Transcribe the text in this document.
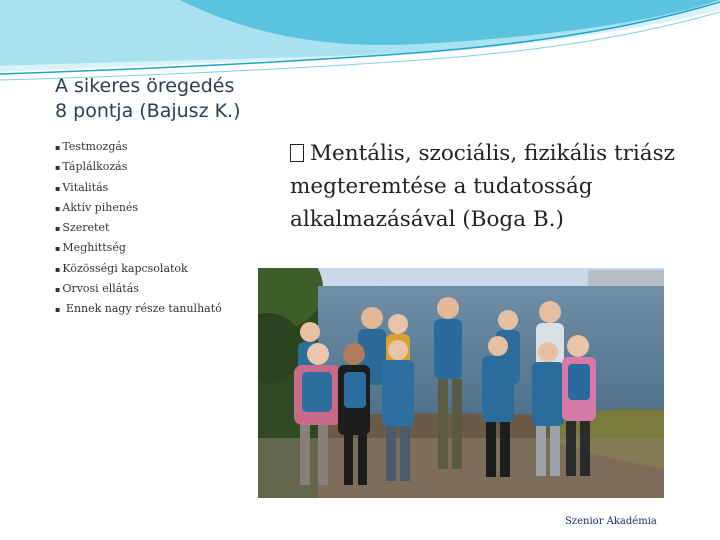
A sikeres öregedés
8 pontja (Bajusz K.)
▪ Testmozgás
▪ Táplálkozás
▪ Vitalitás
▪ Aktív pihenés
▪ Szeretet
▪ Meghittség
▪ Közösségi kapcsolatok
▪ Orvosi ellátás
▪ Ennek nagy része tanulható
Mentális, szociális, fizikális triász megteremtése a tudatosság alkalmazásával (Boga B.)
Szenior Akadémia
